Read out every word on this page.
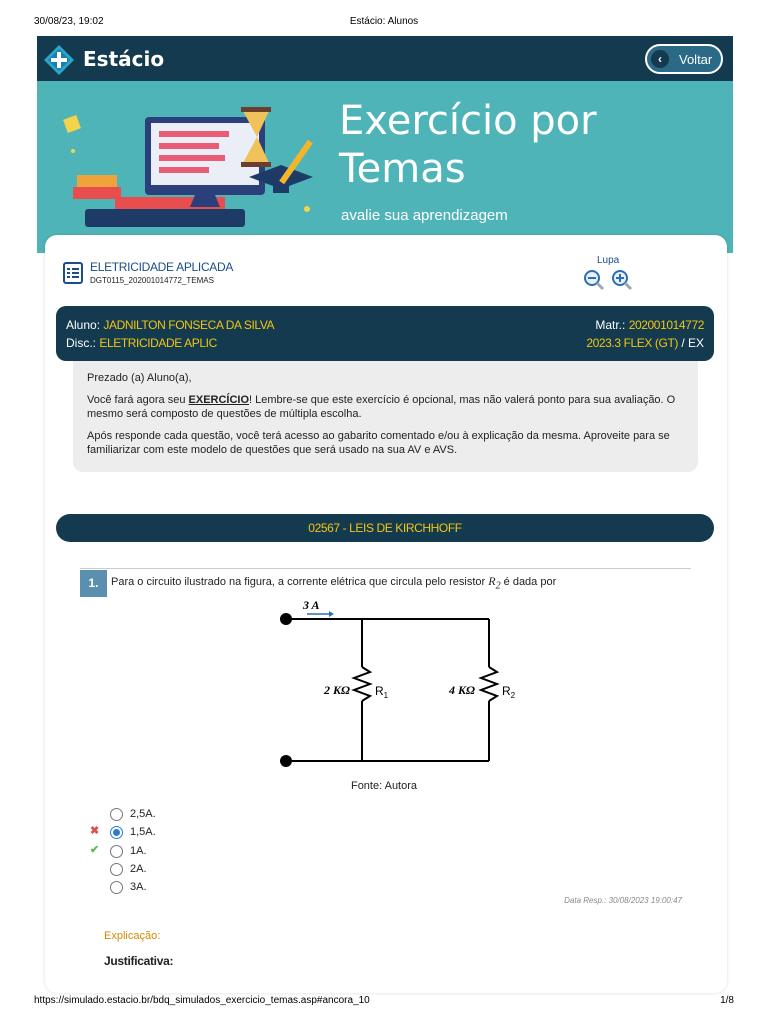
30/08/23, 19:02	Estácio: Alunos
Estácio	‹	Voltar
Exercício por
Temas
avalie sua aprendizagem
ELETRICIDADE APLICADA
DGT0115_202001014772_TEMAS
Lupa
Aluno: JADNILTON FONSECA DA SILVA
Disc.: ELETRICIDADE APLIC
Matr.: 202001014772
2023.3 FLEX (GT) / EX

Prezado (a) Aluno(a),

Você fará agora seu EXERCÍCIO! Lembre-se que este exercício é opcional, mas não valerá ponto para sua avaliação. O mesmo será composto de questões de múltipla escolha.

Após responde cada questão, você terá acesso ao gabarito comentado e/ou à explicação da mesma. Aproveite para se familiarizar com este modelo de questões que será usado na sua AV e AVS.

02567 - LEIS DE KIRCHHOFF
1.	Para o circuito ilustrado na figura, a corrente elétrica que circula pelo resistor $R_2$ é dada por
3 A
2 KΩ $R_1$	4 KΩ $R_2$
Fonte: Autora
✖
✔
2,5A.
1,5A.
1A.
2A.
3A.
Data Resp.: 30/08/2023 19:00:47
Explicação:
Justificativa:
https://simulado.estacio.br/bdq_simulados_exercicio_temas.asp#ancora_10	1/8
